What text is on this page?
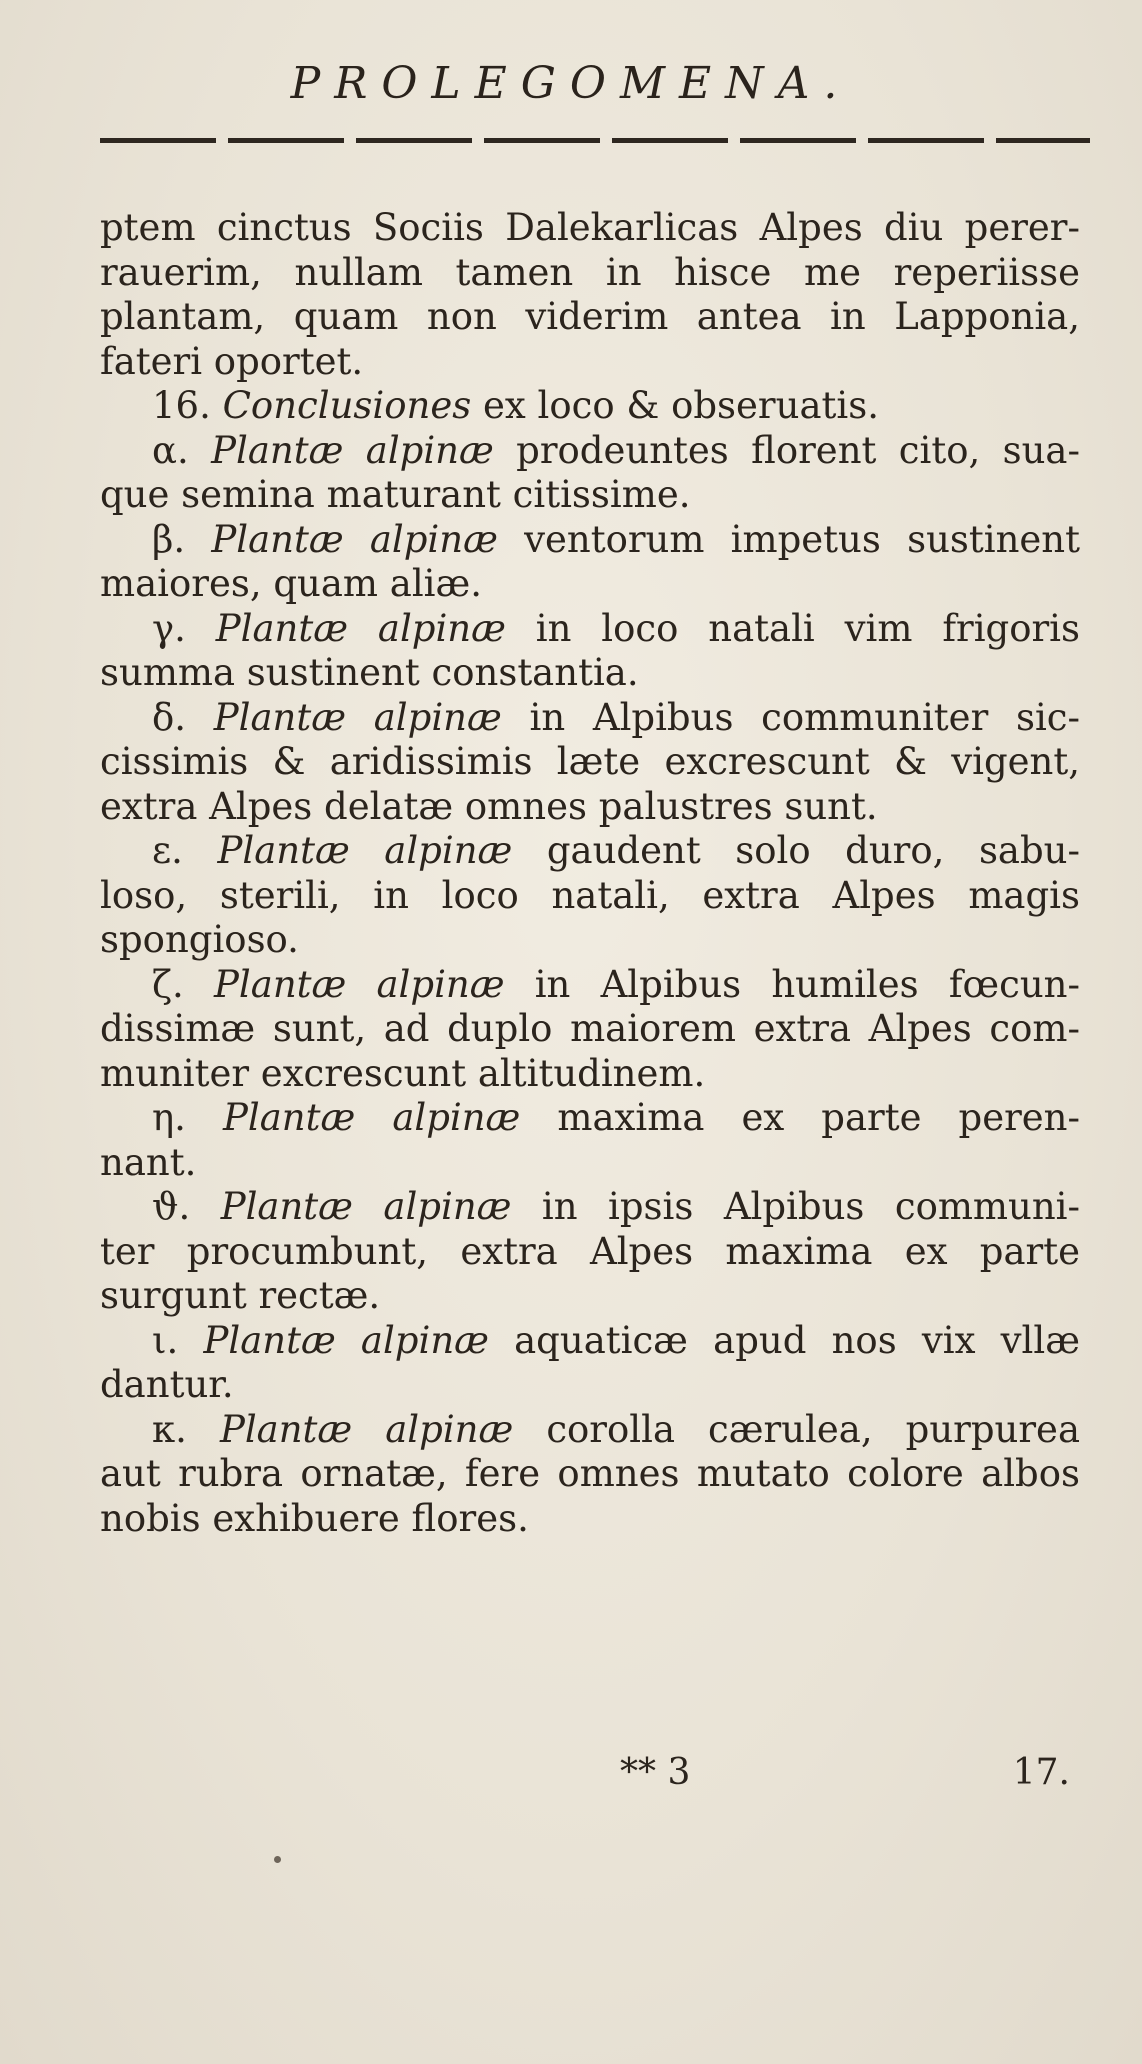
PROLEGOMENA.
ptem cinctus Sociis Dalekarlicas Alpes diu perer-
rauerim, nullam tamen in hisce me reperiisse
plantam, quam non viderim antea in Lapponia,
fateri oportet.
16. Conclusiones ex loco & obseruatis.
α. Plantæ alpinæ prodeuntes florent cito, sua-
que semina maturant citissime.
β. Plantæ alpinæ ventorum impetus sustinent
maiores, quam aliæ.
γ. Plantæ alpinæ in loco natali vim frigoris
summa sustinent constantia.
δ. Plantæ alpinæ in Alpibus communiter sic-
cissimis & aridissimis læte excrescunt & vigent,
extra Alpes delatæ omnes palustres sunt.
ε. Plantæ alpinæ gaudent solo duro, sabu-
loso, sterili, in loco natali, extra Alpes magis
spongioso.
ζ. Plantæ alpinæ in Alpibus humiles fœcun-
dissimæ sunt, ad duplo maiorem extra Alpes com-
muniter excrescunt altitudinem.
η. Plantæ alpinæ maxima ex parte peren-
nant.
ϑ. Plantæ alpinæ in ipsis Alpibus communi-
ter procumbunt, extra Alpes maxima ex parte
surgunt rectæ.
ι. Plantæ alpinæ aquaticæ apud nos vix vllæ
dantur.
κ. Plantæ alpinæ corolla cærulea, purpurea
aut rubra ornatæ, fere omnes mutato colore albos
nobis exhibuere flores.
** 3	17.
